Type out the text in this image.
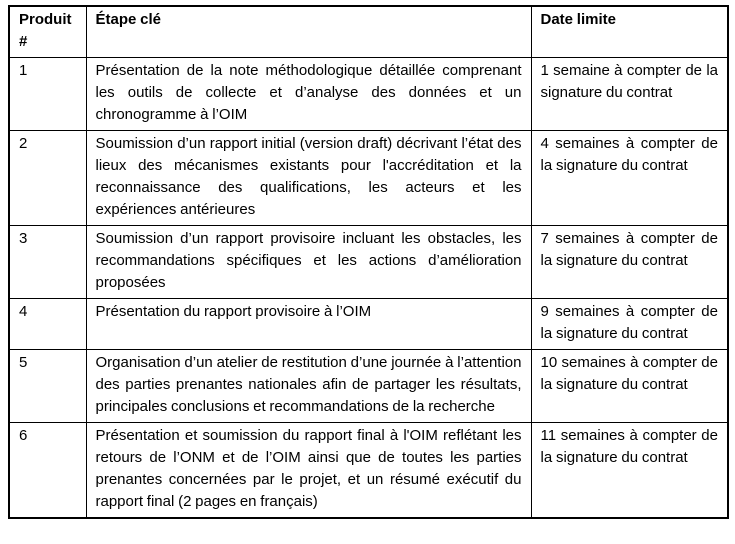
Produit #	Étape clé	Date limite
1	Présentation de la note méthodologique détaillée comprenant les outils de collecte et d’analyse des données et un chronogramme à l’OIM	1 semaine à compter de la signature du contrat
2	Soumission d’un rapport initial (version draft) décrivant l’état des lieux des mécanismes existants pour l'accréditation et la reconnaissance des qualifications, les acteurs et les expériences antérieures	4 semaines à compter de la signature du contrat
3	Soumission d’un rapport provisoire incluant les obstacles, les recommandations spécifiques et les actions d’amélioration proposées	7 semaines à compter de la signature du contrat
4	Présentation du rapport provisoire à l’OIM	9 semaines à compter de la signature du contrat
5	Organisation d’un atelier de restitution d’une journée à l’attention des parties prenantes nationales afin de partager les résultats, principales conclusions et recommandations de la recherche	10 semaines à compter de la signature du contrat
6	Présentation et soumission du rapport final à l'OIM reflétant les retours de l’ONM et de l’OIM ainsi que de toutes les parties prenantes concernées par le projet, et un résumé exécutif du rapport final (2 pages en français)	11 semaines à compter de la signature du contrat
